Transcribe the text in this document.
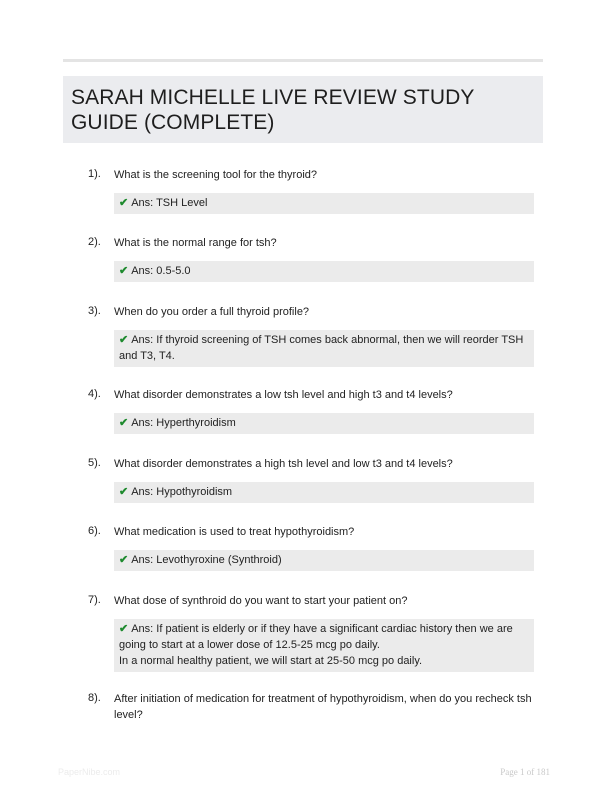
SARAH MICHELLE LIVE REVIEW STUDY GUIDE (COMPLETE)
1). What is the screening tool for the thyroid?
✔ Ans: TSH Level
2). What is the normal range for tsh?
✔ Ans: 0.5-5.0
3). When do you order a full thyroid profile?
✔ Ans: If thyroid screening of TSH comes back abnormal, then we will reorder TSH and T3, T4.
4). What disorder demonstrates a low tsh level and high t3 and t4 levels?
✔ Ans: Hyperthyroidism
5). What disorder demonstrates a high tsh level and low t3 and t4 levels?
✔ Ans: Hypothyroidism
6). What medication is used to treat hypothyroidism?
✔ Ans: Levothyroxine (Synthroid)
7). What dose of synthroid do you want to start your patient on?
✔ Ans: If patient is elderly or if they have a significant cardiac history then we are going to start at a lower dose of 12.5-25 mcg po daily.
In a normal healthy patient, we will start at 25-50 mcg po daily.
8). After initiation of medication for treatment of hypothyroidism, when do you recheck tsh level?
PaperNibe.com	Page 1 of 181
